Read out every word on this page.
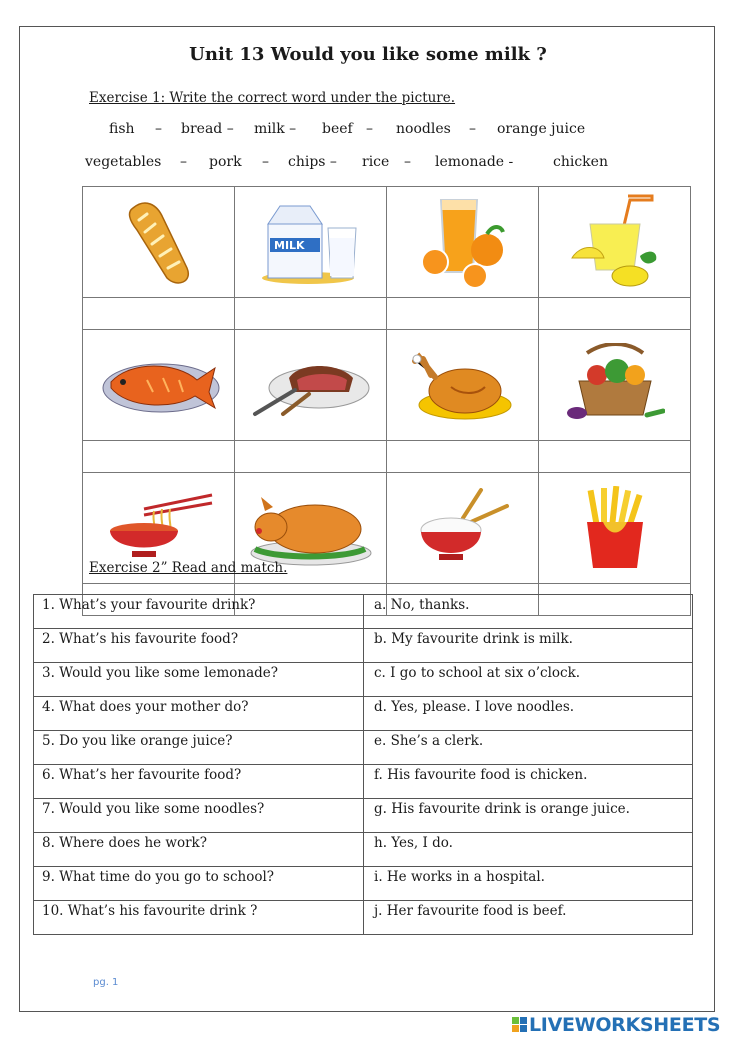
Unit 13 Would you like some milk ?
Exercise 1: Write the correct word under the picture.
fish – bread – milk – beef – noodles – orange juice
vegetables – pork – chips – rice – lemonade -	chicken

MILK

Exercise 2” Read and match.
1. What’s your favourite drink?	a. No, thanks.
2. What’s his favourite food?	b. My favourite drink is milk.
3. Would you like some lemonade?	c. I go to school at six o’clock.
4. What does your mother do?	d. Yes, please. I love noodles.
5. Do you like orange juice?	e. She’s a clerk.
6. What’s her favourite food?	f. His favourite food is chicken.
7. Would you like some noodles?	g. His favourite drink is orange juice.
8. Where does he work?	h. Yes, I do.
9. What time do you go to school?	i. He works in a hospital.
10. What’s his favourite drink ?	j. Her favourite food is beef.
pg. 1
LIVEWORKSHEETS
